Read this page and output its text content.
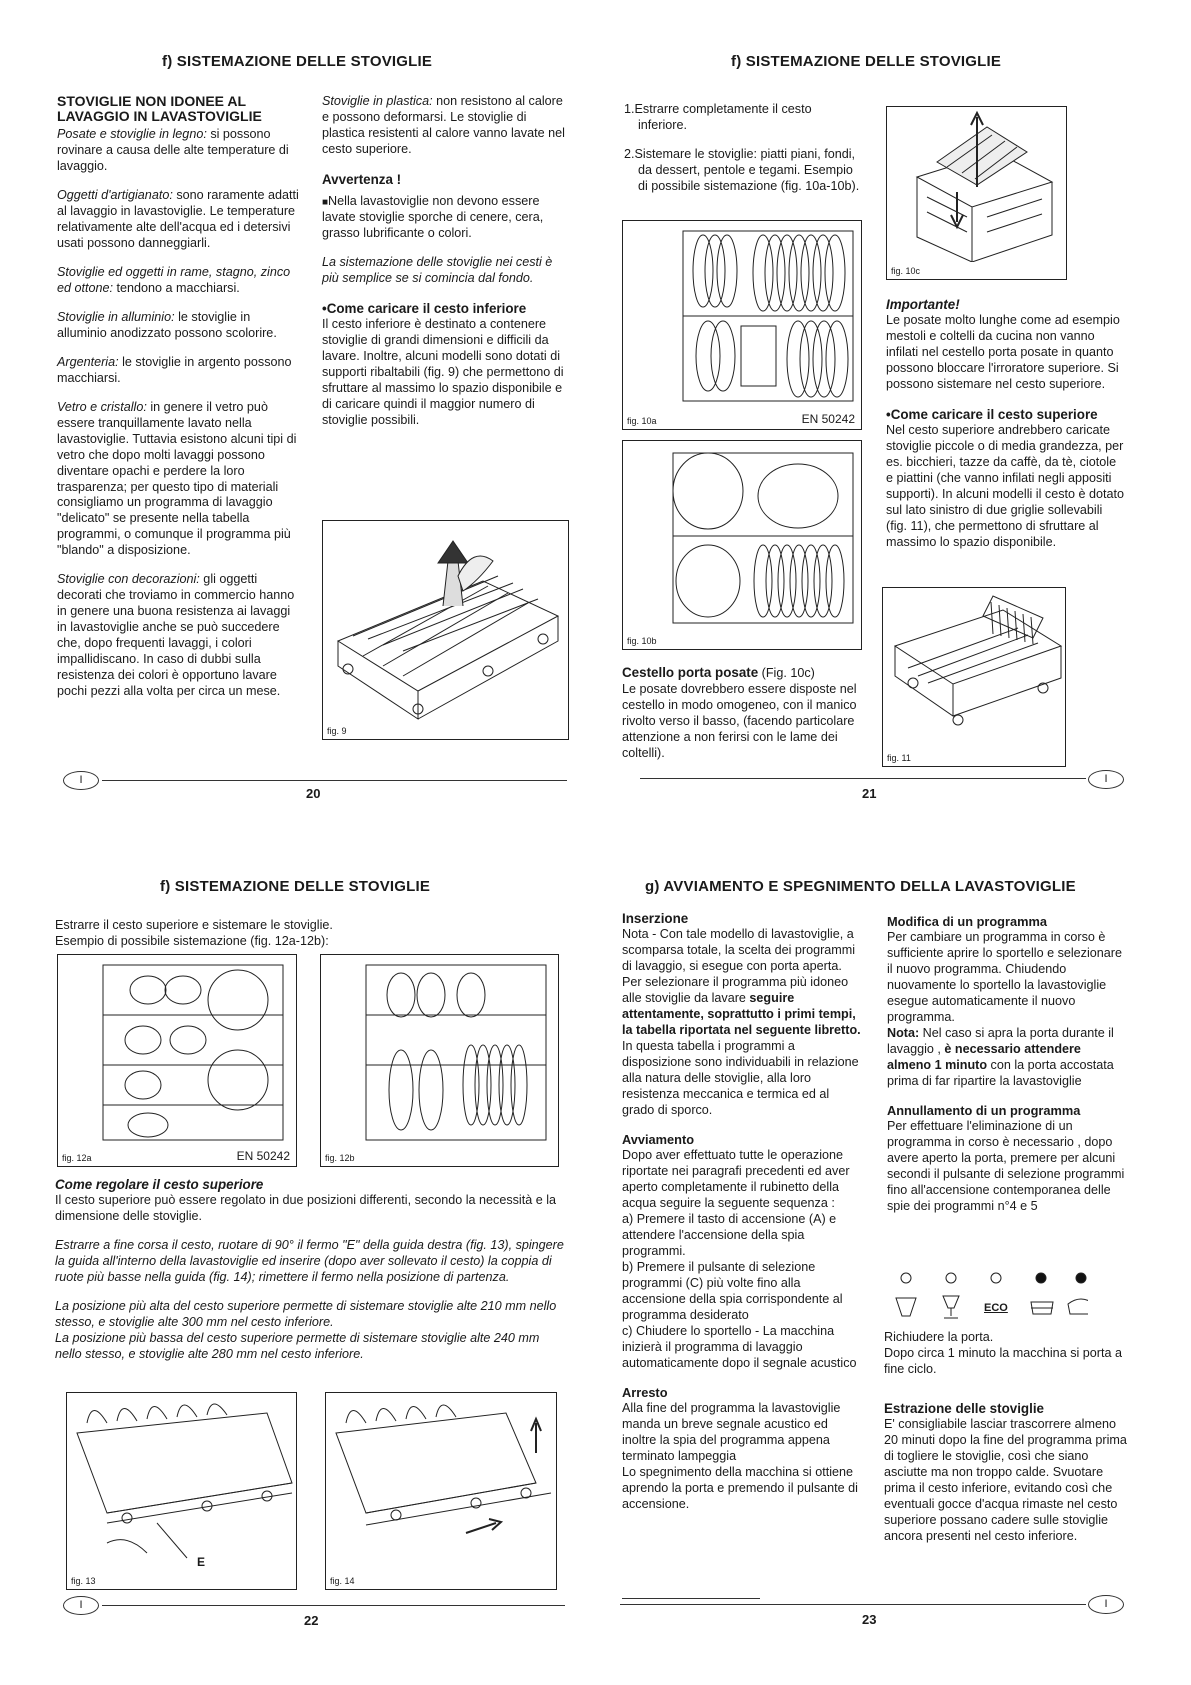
f) SISTEMAZIONE DELLE STOVIGLIE
STOVIGLIE NON IDONEE AL LAVAGGIO IN LAVASTOVIGLIE

Posate e stoviglie in legno: si possono rovinare a causa delle alte temperature di lavaggio.

Oggetti d'artigianato: sono raramente adatti al lavaggio in lavastoviglie. Le temperature relativamente alte dell'acqua ed i detersivi usati possono danneggiarli.

Stoviglie ed oggetti in rame, stagno, zinco ed ottone: tendono a macchiarsi.

Stoviglie in alluminio: le stoviglie in alluminio anodizzato possono scolorire.

Argenteria: le stoviglie in argento possono macchiarsi.

Vetro e cristallo: in genere il vetro può essere tranquillamente lavato nella lavastoviglie. Tuttavia esistono alcuni tipi di vetro che dopo molti lavaggi possono diventare opachi e perdere la loro trasparenza; per questo tipo di materiali consigliamo un programma di lavaggio "delicato" se presente nella tabella programmi, o comunque il programma più "blando" a disposizione.

Stoviglie con decorazioni: gli oggetti decorati che troviamo in commercio hanno in genere una buona resistenza ai lavaggi in lavastoviglie anche se può succedere che, dopo frequenti lavaggi, i colori impallidiscano. In caso di dubbi sulla resistenza dei colori è opportuno lavare pochi pezzi alla volta per circa un mese.

Stoviglie in plastica: non resistono al calore e possono deformarsi. Le stoviglie di plastica resistenti al calore vanno lavate nel cesto superiore.

Avvertenza !

■ Nella lavastoviglie non devono essere lavate stoviglie sporche di cenere, cera, grasso lubrificante o colori.

La sistemazione delle stoviglie nei cesti è più semplice se si comincia dal fondo.

• Come caricare il cesto inferiore

Il cesto inferiore è destinato a contenere stoviglie di grandi dimensioni e difficili da lavare. Inoltre, alcuni modelli sono dotati di supporti ribaltabili (fig. 9) che permettono di sfruttare al massimo lo spazio disponibile e di caricare quindi il maggior numero di stoviglie possibili.

fig. 9
I
20
f) SISTEMAZIONE DELLE STOVIGLIE

1.Estrarre completamente il cesto inferiore.

2.Sistemare le stoviglie: piatti piani, fondi, da dessert, pentole e tegami. Esempio di possibile sistemazione (fig. 10a-10b).

fig. 10a	EN 50242
fig. 10b
Cestello porta posate (Fig. 10c)

Le posate dovrebbero essere disposte nel cestello in modo omogeneo, con il manico rivolto verso il basso, (facendo particolare attenzione a non ferirsi con le lame dei coltelli).

fig. 10c
Importante!

Le posate molto lunghe come ad esempio mestoli e coltelli da cucina non vanno infilati nel cestello porta posate in quanto possono bloccare l'irroratore superiore. Si possono sistemare nel cesto superiore.

• Come caricare il cesto superiore

Nel cesto superiore andrebbero caricate stoviglie piccole o di media grandezza, per es. bicchieri, tazze da caffè, da tè, ciotole e piattini (che vanno infilati negli appositi supporti). In alcuni modelli il cesto è dotato sul lato sinistro di due griglie sollevabili (fig. 11), che permettono di sfruttare al massimo lo spazio disponibile.

fig. 11
I
21
f) SISTEMAZIONE DELLE STOVIGLIE
Estrarre il cesto superiore e sistemare le stoviglie.
Esempio di possibile sistemazione (fig. 12a-12b):
fig. 12a	EN 50242	fig. 12b
Come regolare il cesto superiore

Il cesto superiore può essere regolato in due posizioni differenti, secondo la necessità e la dimensione delle stoviglie.

Estrarre a fine corsa il cesto, ruotare di 90° il fermo "E" della guida destra (fig. 13), spingere la guida all'interno della lavastoviglie ed inserire (dopo aver sollevato il cesto) la coppia di ruote più basse nella guida (fig. 14); rimettere il fermo nella posizione di partenza.

La posizione più alta del cesto superiore permette di sistemare stoviglie alte 210 mm nello stesso, e stoviglie alte 300 mm nel cesto inferiore.
La posizione più bassa del cesto superiore permette di sistemare stoviglie alte 240 mm nello stesso, e stoviglie alte 280 mm nel cesto inferiore.
E
fig. 13	fig. 14
I
22
g) AVVIAMENTO E SPEGNIMENTO DELLA LAVASTOVIGLIE
Inserzione

Nota - Con tale modello di lavastoviglie, a scomparsa totale, la scelta dei programmi di lavaggio, si esegue con porta aperta. Per selezionare il programma più idoneo alle stoviglie da lavare seguire attentamente, soprattutto i primi tempi, la tabella riportata nel seguente libretto. In questa tabella i programmi a disposizione sono individuabili in relazione alla natura delle stoviglie, alla loro resistenza meccanica e termica ed al grado di sporco.

Avviamento
Dopo aver effettuato tutte le operazione riportate nei paragrafi precedenti ed aver aperto completamente il rubinetto della acqua seguire la seguente sequenza :
a) Premere il tasto di accensione (A) e attendere l'accensione della spia programmi.
b) Premere il pulsante di selezione programmi (C) più volte fino alla accensione della spia corrispondente al programma desiderato

c) Chiudere lo sportello - La macchina inizierà il programma di lavaggio automaticamente dopo il segnale acustico

Arresto
Alla fine del programma la lavastoviglie manda un breve segnale acustico ed inoltre la spia del programma appena terminato lampeggia
Lo spegnimento della macchina si ottiene aprendo la porta e premendo il pulsante di accensione.
Modifica di un programma
Per cambiare un programma in corso è sufficiente aprire lo sportello e selezionare il nuovo programma. Chiudendo nuovamente lo sportello la lavastoviglie esegue automaticamente il nuovo programma.

Nota: Nel caso si apra la porta durante il lavaggio , è necessario attendere almeno 1 minuto con la porta accostata prima di far ripartire la lavastoviglie

Annullamento di un programma
Per effettuare l'eliminazione di un programma in corso è necessario , dopo avere aperto la porta, premere per alcuni secondi il pulsante di selezione programmi fino all'accensione contemporanea delle spie dei programmi n°4 e 5
ECO
Richiudere la porta.

Dopo circa 1 minuto la macchina si porta a fine ciclo.

Estrazione delle stoviglie
E' consigliabile lasciar trascorrere almeno 20 minuti dopo la fine del programma prima di togliere le stoviglie, così che siano asciutte ma non troppo calde. Svuotare prima il cesto inferiore, evitando così che eventuali gocce d'acqua rimaste nel cesto superiore possano cadere sulle stoviglie ancora presenti nel cesto inferiore.
I
23
